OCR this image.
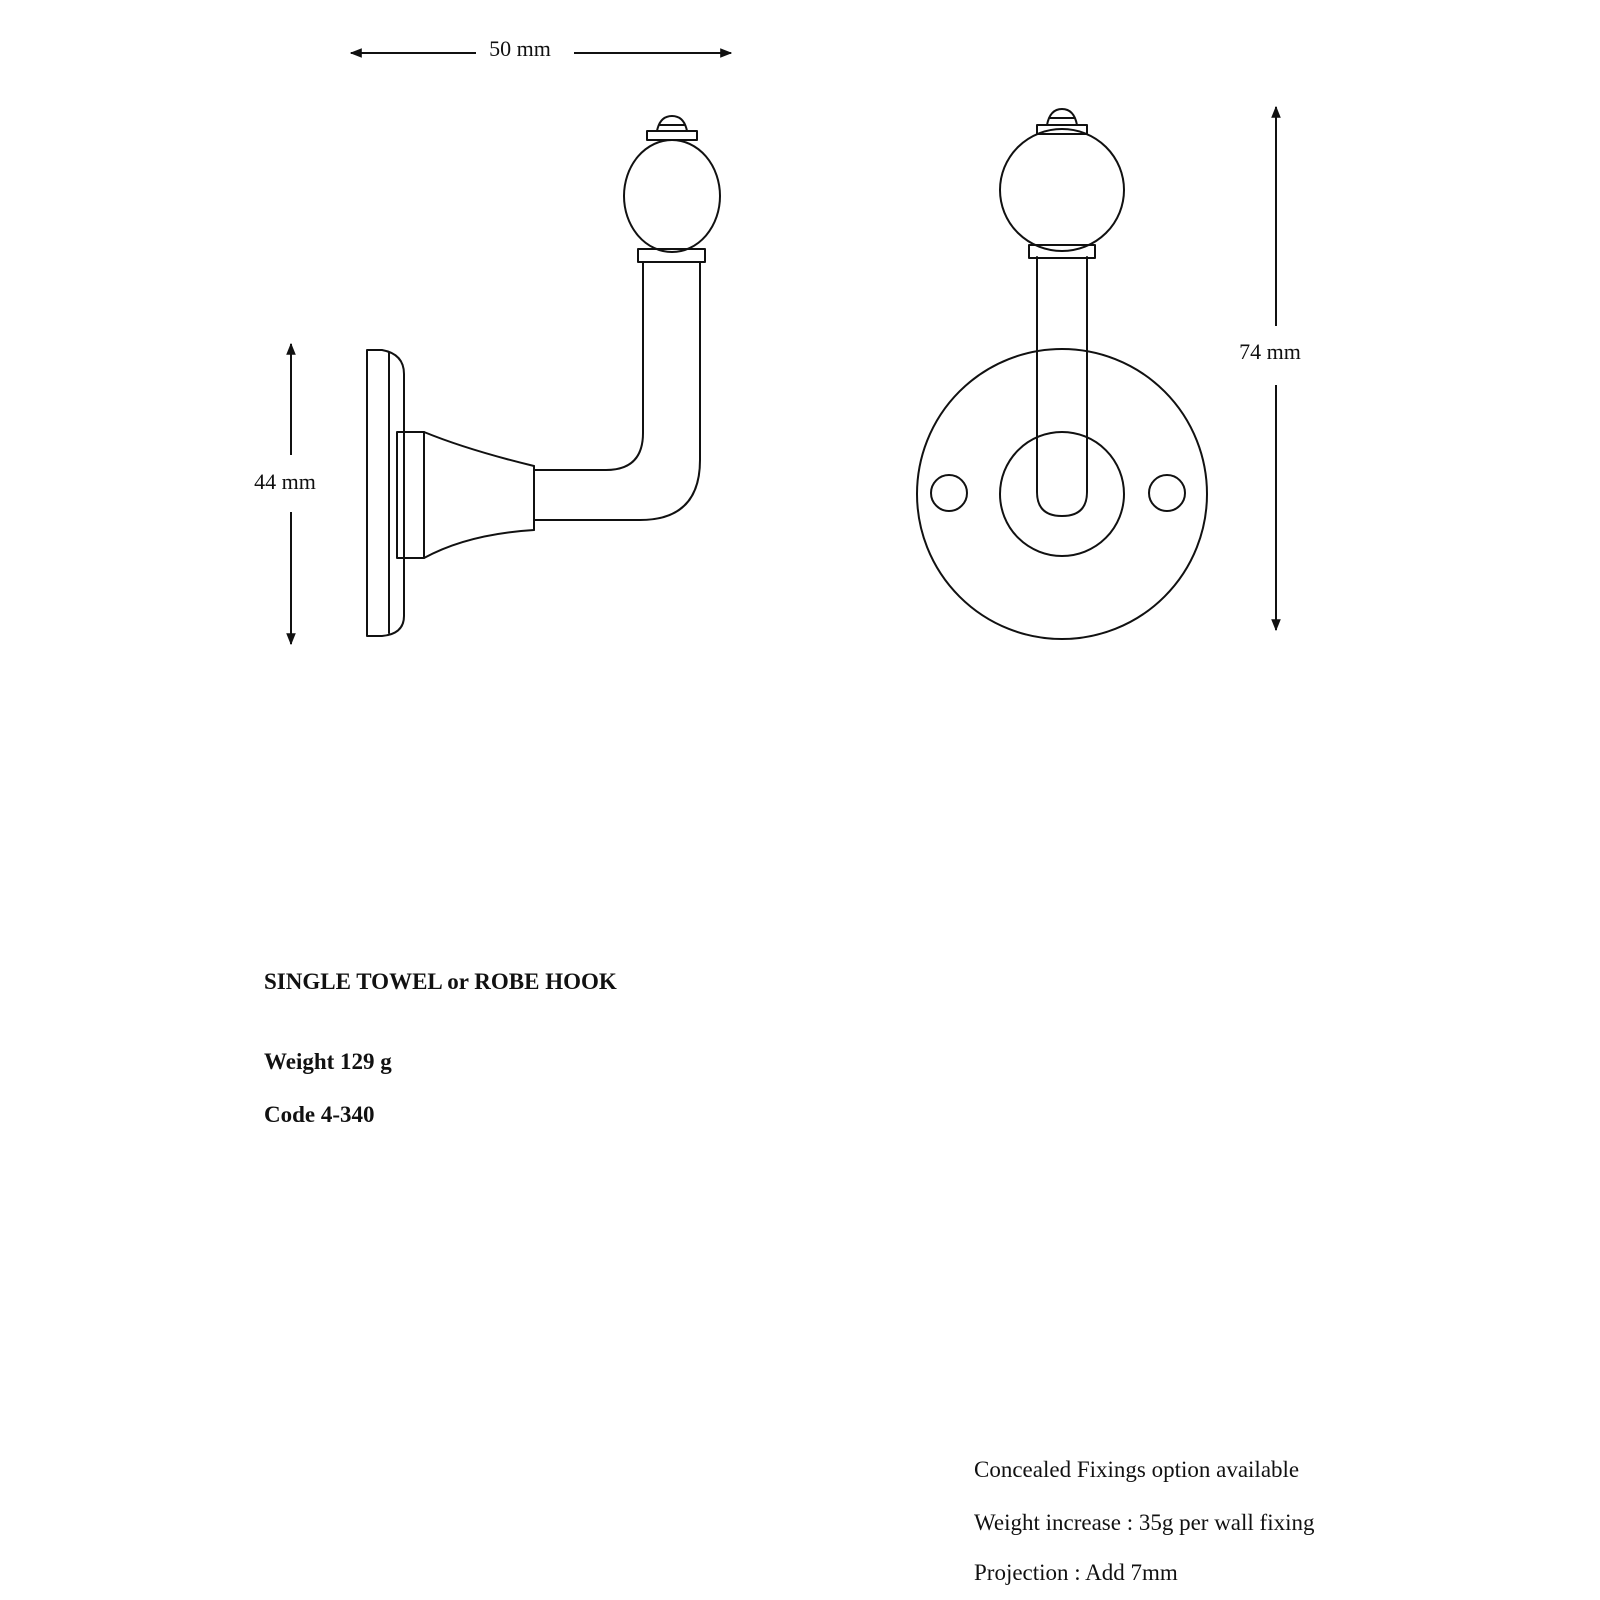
50 mm
44 mm
74 mm

SINGLE TOWEL or ROBE HOOK

Weight 129 g

Code 4-340

Concealed Fixings option available

Weight increase : 35g per wall fixing

Projection : Add 7mm
